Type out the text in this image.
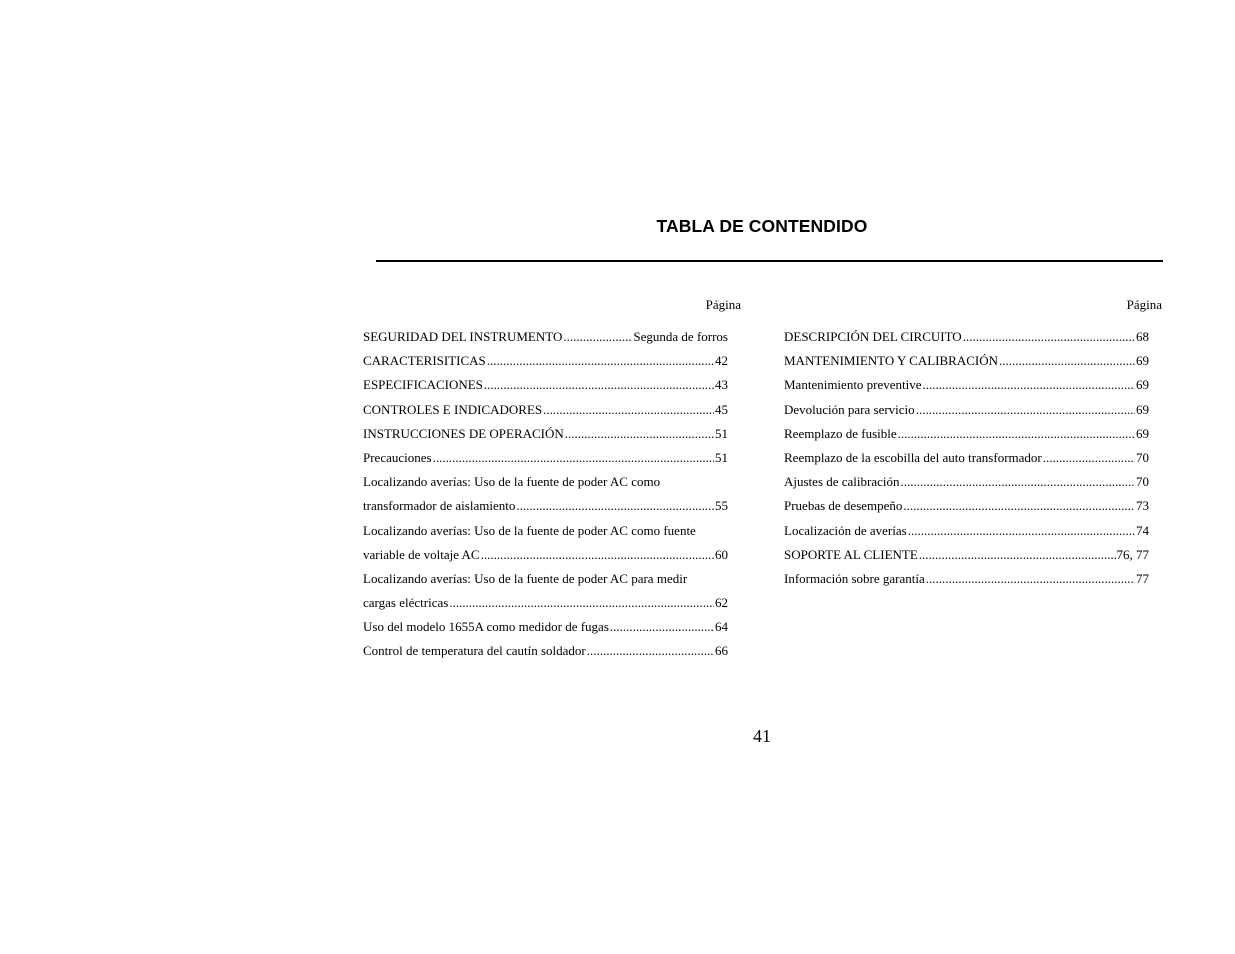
TABLA DE CONTENDIDO
Página	Página
SEGURIDAD DEL INSTRUMENTO .....	Segunda de forros
CARACTERISITICAS .....	42
ESPECIFICACIONES .....	43
CONTROLES E INDICADORES .....	45
INSTRUCCIONES DE OPERACIÓN .....	51
Precauciones .....	51
Localizando averías: Uso de la fuente de poder AC como
transformador de aislamiento .....	55
Localizando averías: Uso de la fuente de poder AC como fuente
variable de voltaje AC .....	60
Localizando averías: Uso de la fuente de poder AC para medir
cargas eléctricas .....	62
Uso del modelo 1655A como medidor de fugas .....	64
Control de temperatura del cautín soldador .....	66
DESCRIPCIÓN DEL CIRCUITO .....	68
MANTENIMIENTO Y CALIBRACIÓN .....	69
Mantenimiento preventive .....	69
Devolución para servicio .....	69
Reemplazo de fusible .....	69
Reemplazo de la escobilla del auto transformador .....	70
Ajustes de calibración .....	70
Pruebas de desempeño .....	73
Localización de averías .....	74
SOPORTE AL CLIENTE .....	76, 77
Información sobre garantía .....	77
41
